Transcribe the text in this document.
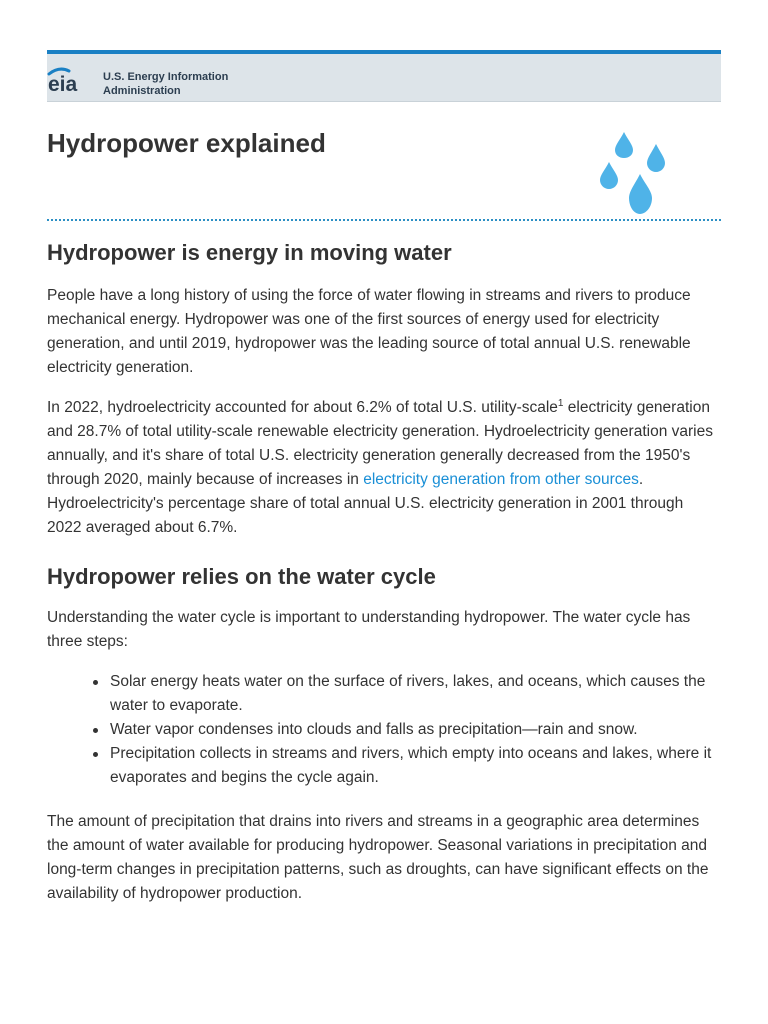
eia U.S. Energy Information
Administration
Hydropower explained
Hydropower is energy in moving water

People have a long history of using the force of water flowing in streams and rivers to produce mechanical energy. Hydropower was one of the first sources of energy used for electricity generation, and until 2019, hydropower was the leading source of total annual U.S. renewable electricity generation.

In 2022, hydroelectricity accounted for about 6.2% of total U.S. utility-scale$^1$ electricity generation and 28.7% of total utility-scale renewable electricity generation. Hydroelectricity generation varies annually, and it's share of total U.S. electricity generation generally decreased from the 1950's through 2020, mainly because of increases in electricity generation from other sources. Hydroelectricity's percentage share of total annual U.S. electricity generation in 2001 through 2022 averaged about 6.7%.

Hydropower relies on the water cycle

Understanding the water cycle is important to understanding hydropower. The water cycle has three steps:

Solar energy heats water on the surface of rivers, lakes, and oceans, which causes the water to evaporate.
Water vapor condenses into clouds and falls as precipitation—rain and snow.
Precipitation collects in streams and rivers, which empty into oceans and lakes, where it evaporates and begins the cycle again.

The amount of precipitation that drains into rivers and streams in a geographic area determines the amount of water available for producing hydropower. Seasonal variations in precipitation and long-term changes in precipitation patterns, such as droughts, can have significant effects on the availability of hydropower production.
